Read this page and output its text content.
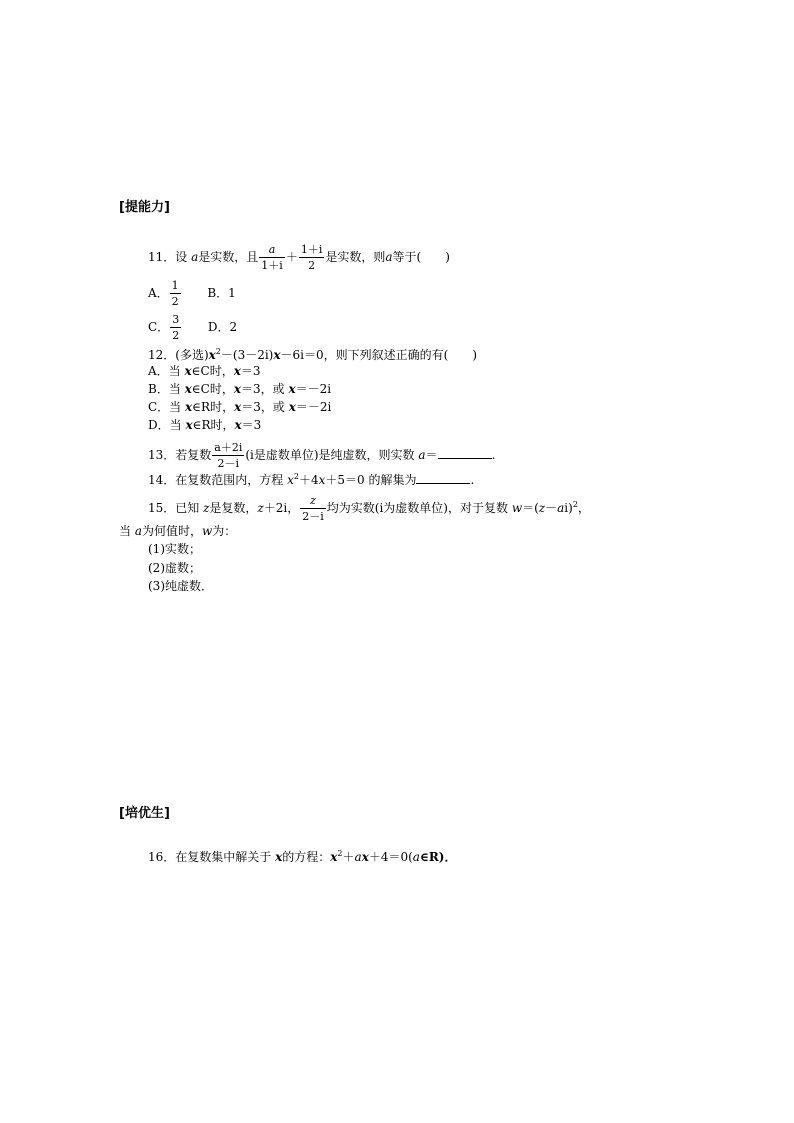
[提能力]
11．设 a是实数，且 $\frac{a}{1+i} + \frac{1+i}{2}$ 是实数，则a等于(　　)
A． $\frac{1}{2}$ B．1
C． $\frac{3}{2}$ D．2
12．(多选)$x^2-(3-2i)x-6i=0$，则下列叙述正确的有(　　)
A．当 x∈C时，x＝3
B．当 x∈C时，x＝3，或 x＝－2i
C．当 x∈R时，x＝3，或 x＝－2i
D．当 x∈R时，x＝3
13．若复数 $\frac{a+2i}{2-i} (i$是虚数单位)是纯虚数，则实数 a＝	.
14．在复数范围内，方程 $x^2+4x+5=0$ 的解集为	.
15．已知 z是复数，z＋2i， $\frac{z}{2-i}$ 均为实数(i为虚数单位)，对于复数 $w=(z-ai)^2$，
当 a为何值时，w为：
(1)实数；
(2)虚数；
(3)纯虚数．
[培优生]
16．在复数集中解关于 x的方程：$x^2+ax+4=0(a\in R)$．
